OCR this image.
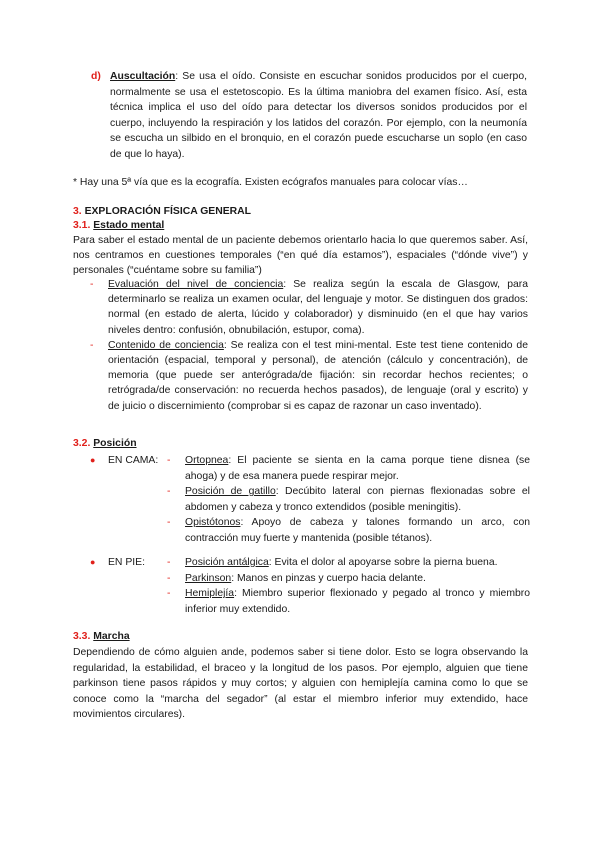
d) Auscultación: Se usa el oído. Consiste en escuchar sonidos producidos por el cuerpo, normalmente se usa el estetoscopio. Es la última maniobra del examen físico. Así, esta técnica implica el uso del oído para detectar los diversos sonidos producidos por el cuerpo, incluyendo la respiración y los latidos del corazón. Por ejemplo, con la neumonía se escucha un silbido en el bronquio, en el corazón puede escucharse un soplo (en caso de que lo haya).

* Hay una 5ª vía que es la ecografía. Existen ecógrafos manuales para colocar vías…

3. EXPLORACIÓN FÍSICA GENERAL
3.1. Estado mental

Para saber el estado mental de un paciente debemos orientarlo hacia lo que queremos saber. Así, nos centramos en cuestiones temporales (“en qué día estamos”), espaciales (“dónde vive”) y personales (“cuéntame sobre su familia”)

- Evaluación del nivel de conciencia: Se realiza según la escala de Glasgow, para determinarlo se realiza un examen ocular, del lenguaje y motor. Se distinguen dos grados: normal (en estado de alerta, lúcido y colaborador) y disminuido (en el que hay varios niveles dentro: confusión, obnubilación, estupor, coma).
- Contenido de conciencia: Se realiza con el test mini-mental. Este test tiene contenido de orientación (espacial, temporal y personal), de atención (cálculo y concentración), de memoria (que puede ser anterógrada/de fijación: sin recordar hechos recientes; o retrógrada/de conservación: no recuerda hechos pasados), de lenguaje (oral y escrito) y de juicio o discernimiento (comprobar si es capaz de razonar un caso inventado).
3.2. Posición
● EN CAMA: - Ortopnea: El paciente se sienta en la cama porque tiene disnea (se ahoga) y de esa manera puede respirar mejor.
- Posición de gatillo: Decúbito lateral con piernas flexionadas sobre el abdomen y cabeza y tronco extendidos (posible meningitis).
- Opistótonos: Apoyo de cabeza y talones formando un arco, con contracción muy fuerte y mantenida (posible tétanos).
● EN PIE: - Posición antálgica: Evita el dolor al apoyarse sobre la pierna buena.
- Parkinson: Manos en pinzas y cuerpo hacia delante.
- Hemiplejía: Miembro superior flexionado y pegado al tronco y miembro inferior muy extendido.
3.3. Marcha

Dependiendo de cómo alguien ande, podemos saber si tiene dolor. Esto se logra observando la regularidad, la estabilidad, el braceo y la longitud de los pasos. Por ejemplo, alguien que tiene parkinson tiene pasos rápidos y muy cortos; y alguien con hemiplejía camina como lo que se conoce como la “marcha del segador” (al estar el miembro inferior muy extendido, hace movimientos circulares).
